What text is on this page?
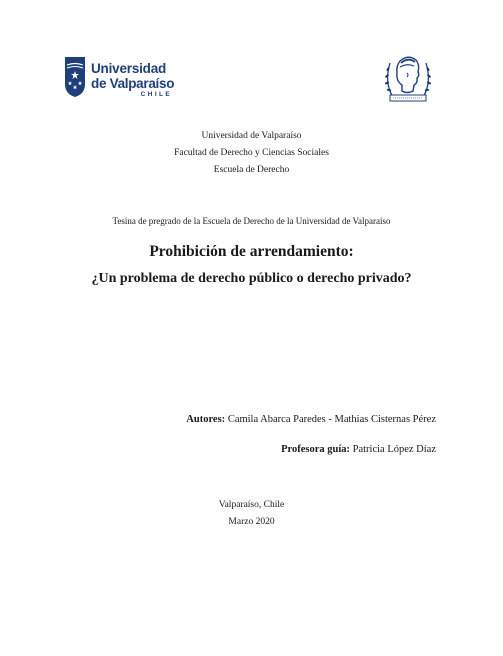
Universidad
de Valparaíso
CHILE
Universidad de Valparaíso
Facultad de Derecho y Ciencias Sociales
Escuela de Derecho
Tesina de pregrado de la Escuela de Derecho de la Universidad de Valparaíso
Prohibición de arrendamiento:
¿Un problema de derecho público o derecho privado?
Autores: Camila Abarca Paredes - Mathias Cisternas Pérez
Profesora guía: Patricia López Díaz
Valparaíso, Chile
Marzo 2020
